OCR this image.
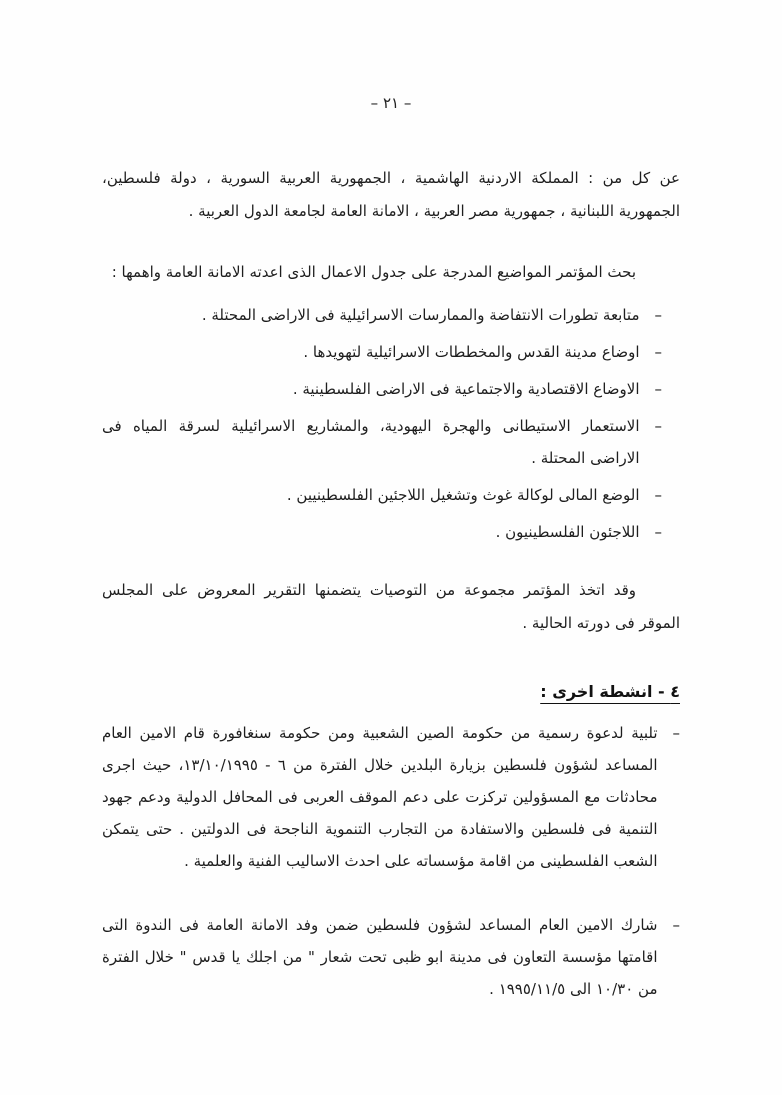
– ٢١ –

عن كل من : المملكة الاردنية الهاشمية ، الجمهورية العربية السورية ، دولة فلسطين، الجمهورية اللبنانية ، جمهورية مصر العربية ، الامانة العامة لجامعة الدول العربية .

بحث المؤتمر المواضيع المدرجة على جدول الاعمال الذى اعدته الامانة العامة واهمها :

–
متابعة تطورات الانتفاضة والممارسات الاسرائيلية فى الاراضى المحتلة .
–
اوضاع مدينة القدس والمخططات الاسرائيلية لتهويدها .
–
الاوضاع الاقتصادية والاجتماعية فى الاراضى الفلسطينية .
–
الاستعمار الاستيطانى والهجرة اليهودية، والمشاريع الاسرائيلية لسرقة المياه فى الاراضى المحتلة .
–
الوضع المالى لوكالة غوث وتشغيل اللاجئين الفلسطينيين .
–
اللاجئون الفلسطينيون .

وقد اتخذ المؤتمر مجموعة من التوصيات يتضمنها التقرير المعروض على المجلس الموقر فى دورته الحالية .

٤ - انشطة اخرى :
–
تلبية لدعوة رسمية من حكومة الصين الشعبية ومن حكومة سنغافورة قام الامين العام المساعد لشؤون فلسطين بزيارة البلدين خلال الفترة من ٦ - ١٣/١٠/١٩٩٥، حيث اجرى محادثات مع المسؤولين تركزت على دعم الموقف العربى فى المحافل الدولية ودعم جهود التنمية فى فلسطين والاستفادة من التجارب التنموية الناجحة فى الدولتين . حتى يتمكن الشعب الفلسطينى من اقامة مؤسساته على احدث الاساليب الفنية والعلمية .
–
شارك الامين العام المساعد لشؤون فلسطين ضمن وفد الامانة العامة فى الندوة التى اقامتها مؤسسة التعاون فى مدينة ابو ظبى تحت شعار " من اجلك يا قدس " خلال الفترة من ١٠/٣٠ الى ١٩٩٥/١١/٥ .
